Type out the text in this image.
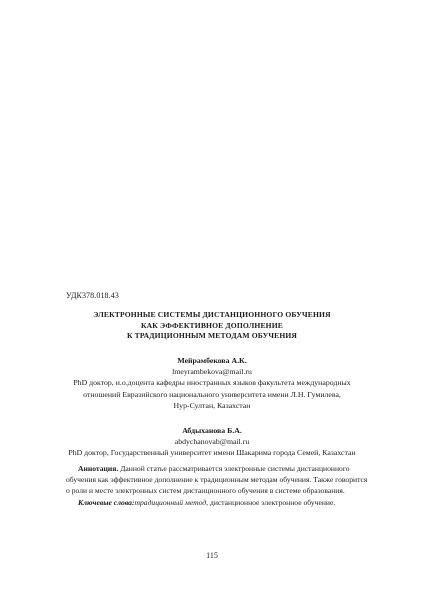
УДК378.018.43
ЭЛЕКТРОННЫЕ СИСТЕМЫ ДИСТАНЦИОННОГО ОБУЧЕНИЯ
КАК ЭФФЕКТИВНОЕ ДОПОЛНЕНИЕ
К ТРАДИЦИОННЫМ МЕТОДАМ ОБУЧЕНИЯ
Мейрамбекова А.К.
lmeyrambekova@mail.ru
PhD доктор, и.о.доцента кафедры иностранных языков факультета международных
отношений Евразийского национального университета имени Л.Н. Гумилева,
Нур-Султан, Казахстан
Абдыханова Б.А.
abdychanovab@mail.ru
PhD доктор, Государственный университет имени Шакарима города Семей, Казахстан
Аннотация. Данной статье рассматривается электронные системы дистанционного
обучения как эффективное дополнение к традиционным методам обучения. Также говорится
о роли и месте электронных систем дистанционного обучения в системе образования.
Ключевые слова:традиционный метод, дистанционное электронное обучение.
115
